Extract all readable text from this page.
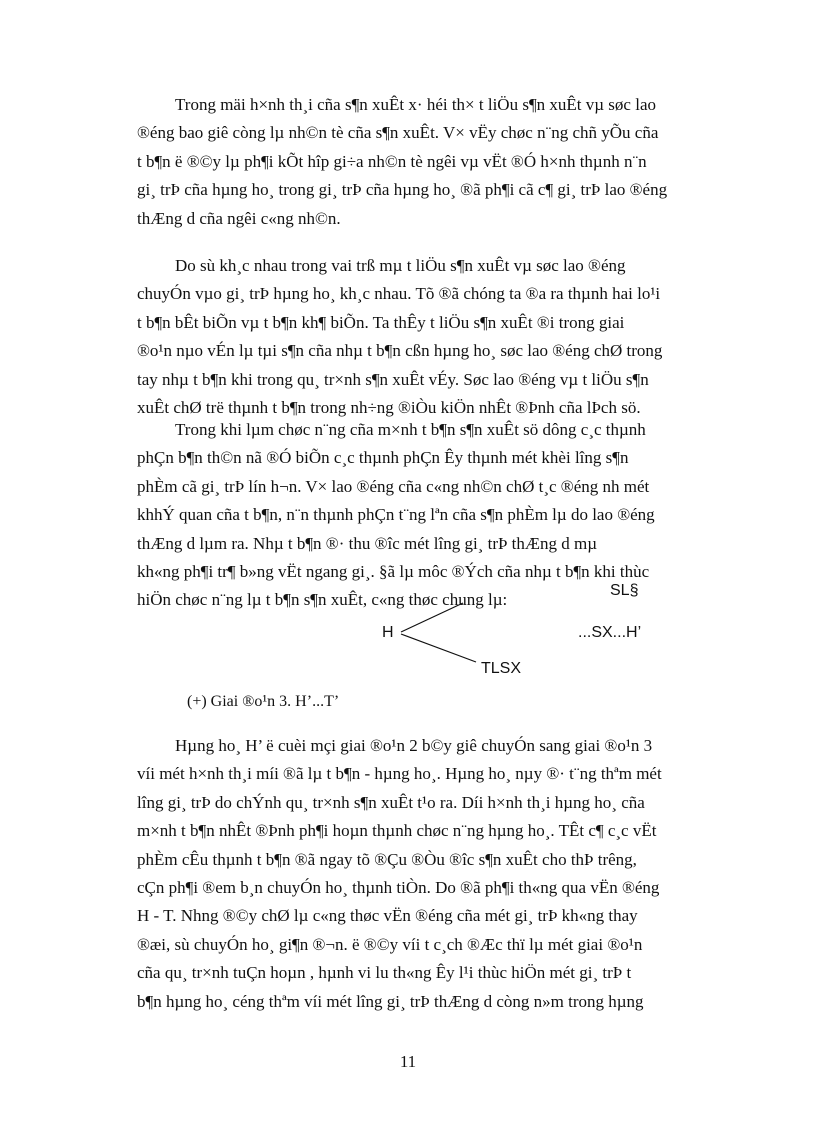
Trong mäi h×nh th¸i cña s¶n xuÊt x· héi th× t liÖu s¶n xuÊt vµ søc lao
®éng bao giê còng lµ nh©n tè cña s¶n xuÊt. V× vËy chøc n¨ng chñ yÕu cña
t b¶n ë ®©y lµ ph¶i kÕt hîp gi÷a nh©n tè ngêi vµ vËt ®Ó h×nh thµnh n¨n
gi¸ trÞ cña hµng ho¸ trong gi¸ trÞ cña hµng ho¸ ®ã ph¶i cã c¶ gi¸ trÞ lao ®éng
thÆng d cña ngêi c«ng nh©n.

Do sù kh¸c nhau trong vai trß mµ t liÖu s¶n xuÊt vµ søc lao ®éng
chuyÓn vµo gi¸ trÞ hµng ho¸ kh¸c nhau. Tõ ®ã chóng ta ®a ra thµnh hai lo¹i
t b¶n bÊt biÕn vµ t b¶n kh¶ biÕn. Ta thÊy t liÖu s¶n xuÊt ®i trong giai
®o¹n nµo vÉn lµ tµi s¶n cña nhµ t b¶n cßn hµng ho¸ søc lao ®éng chØ trong
tay nhµ t b¶n khi trong qu¸ tr×nh s¶n xuÊt vÉy. Søc lao ®éng vµ t liÖu s¶n
xuÊt chØ trë thµnh t b¶n trong nh÷ng ®iÒu kiÖn nhÊt ®Þnh cña lÞch sö.

Trong khi lµm chøc n¨ng cña m×nh t b¶n s¶n xuÊt sö dông c¸c thµnh
phÇn b¶n th©n nã ®Ó biÕn c¸c thµnh phÇn Êy thµnh mét khèi lîng s¶n
phÈm cã gi¸ trÞ lín h¬n. V× lao ®éng cña c«ng nh©n chØ t¸c ®éng nh mét
khhÝ quan cña t b¶n, n¨n thµnh phÇn t¨ng lªn cña s¶n phÈm lµ do lao ®éng
thÆng d lµm ra. Nhµ t b¶n ®· thu ®îc mét lîng gi¸ trÞ thÆng d mµ
kh«ng ph¶i tr¶ b»ng vËt ngang gi¸. §ã lµ môc ®Ých cña nhµ t b¶n khi thùc
hiÖn chøc n¨ng lµ t b¶n s¶n xuÊt, c«ng thøc chung lµ:	SL§
H	...SX...H’
TLSX

(+) Giai ®o¹n 3. H’...T’

Hµng ho¸ H’ ë cuèi mçi giai ®o¹n 2 b©y giê chuyÓn sang giai ®o¹n 3
víi mét h×nh th¸i míi ®ã lµ t b¶n - hµng ho¸. Hµng ho¸ nµy ®· t¨ng thªm mét
lîng gi¸ trÞ do chÝnh qu¸ tr×nh s¶n xuÊt t¹o ra. Díi h×nh th¸i hµng ho¸ cña
m×nh t b¶n nhÊt ®Þnh ph¶i hoµn thµnh chøc n¨ng hµng ho¸. TÊt c¶ c¸c vËt
phÈm cÊu thµnh t b¶n ®ã ngay tõ ®Çu ®Òu ®îc s¶n xuÊt cho thÞ trêng,
cÇn ph¶i ®em b¸n chuyÓn ho¸ thµnh tiÒn. Do ®ã ph¶i th«ng qua vËn ®éng
H - T. Nhng ®©y chØ lµ c«ng thøc vËn ®éng cña mét gi¸ trÞ kh«ng thay
®æi, sù chuyÓn ho¸ gi¶n ®¬n. ë ®©y víi t c¸ch ®Æc thï lµ mét giai ®o¹n
cña qu¸ tr×nh tuÇn hoµn , hµnh vi lu th«ng Êy l¹i thùc hiÖn mét gi¸ trÞ t
b¶n hµng ho¸ céng thªm víi mét lîng gi¸ trÞ thÆng d còng n»m trong hµng

11
